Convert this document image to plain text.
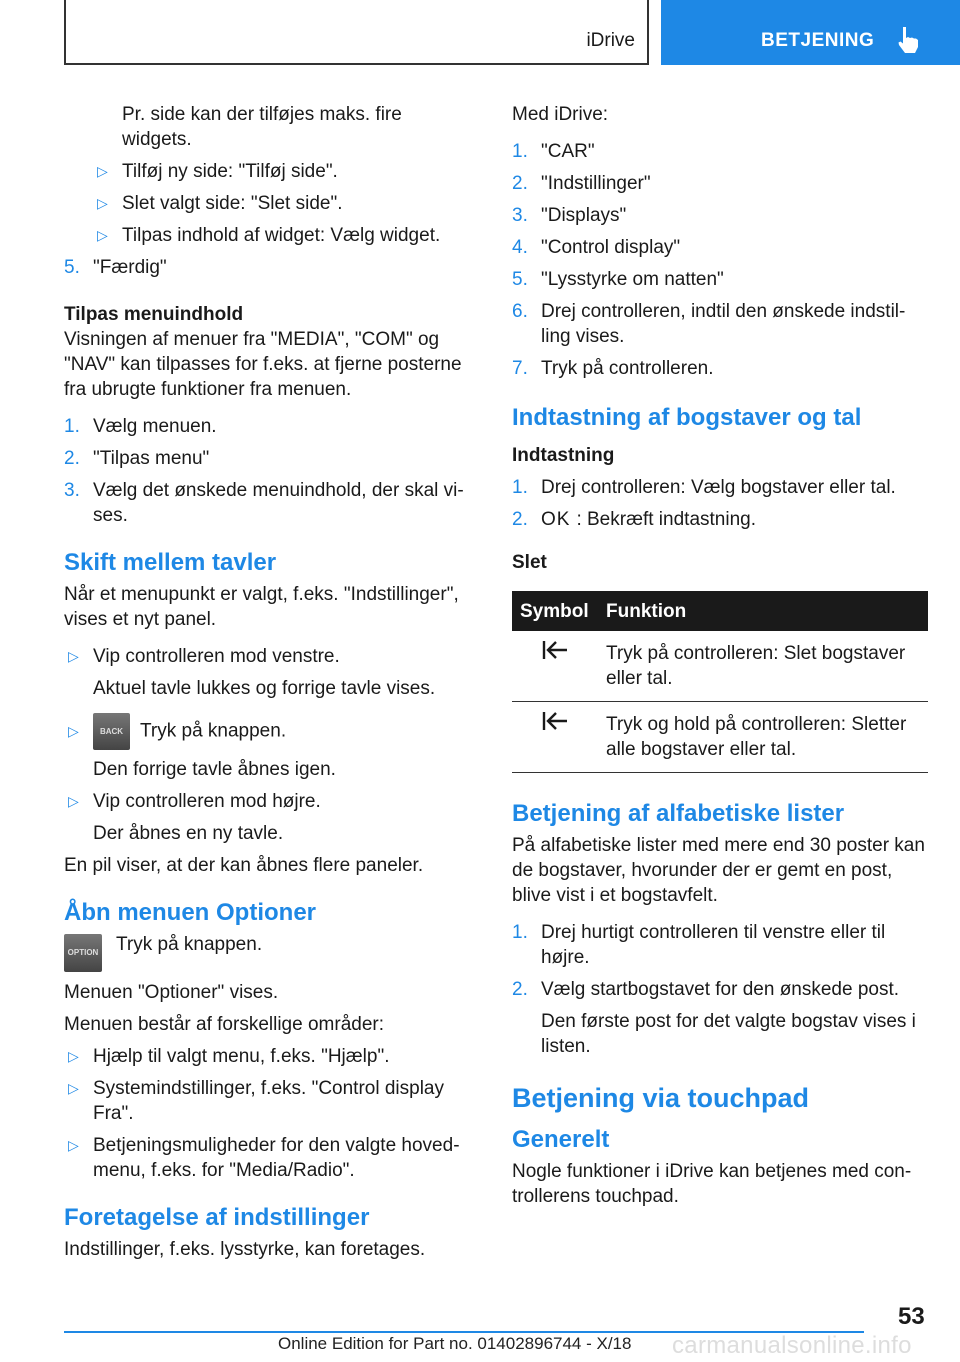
iDrive	BETJENING

Pr. side kan der tilføjes maks. fire widgets.

▷ Tilføj ny side: "Tilføj side".
▷ Slet valgt side: "Slet side".
▷ Tilpas indhold af widget: Vælg widget.
5. "Færdig"

Tilpas menuindhold

Visningen af menuer fra "MEDIA", "COM" og "NAV" kan tilpasses for f.eks. at fjerne posterne fra ubrugte funktioner fra menuen.

1. Vælg menuen.
2. "Tilpas menu"
3. Vælg det ønskede menuindhold, der skal vises.

Skift mellem tavler

Når et menupunkt er valgt, f.eks. "Indstillinger", vises et nyt panel.

▷ Vip controlleren mod venstre.

Aktuel tavle lukkes og forrige tavle vises.

▷	BACK Tryk på knappen.

Den forrige tavle åbnes igen.

▷ Vip controlleren mod højre.

Der åbnes en ny tavle.

En pil viser, at der kan åbnes flere paneler.

Åbn menuen Optioner

OPTION Tryk på knappen.

Menuen "Optioner" vises.

Menuen består af forskellige områder:

▷ Hjælp til valgt menu, f.eks. "Hjælp".
▷ Systemindstillinger, f.eks. "Control display Fra".
▷ Betjeningsmuligheder for den valgte hovedmenu, f.eks. for "Media/Radio".

Foretagelse af indstillinger

Indstillinger, f.eks. lysstyrke, kan foretages.

Med iDrive:

1. "CAR"
2. "Indstillinger"
3. "Displays"
4. "Control display"
5. "Lysstyrke om natten"
6. Drej controlleren, indtil den ønskede indstilling vises.
7. Tryk på controlleren.

Indtastning af bogstaver og tal

Indtastning

1. Drej controlleren: Vælg bogstaver eller tal.
2. OK : Bekræft indtastning.

Slet

Symbol	Funktion
	Tryk på controlleren: Slet bogstaver eller tal.
	Tryk og hold på controlleren: Sletter alle bogstaver eller tal.

Betjening af alfabetiske lister

På alfabetiske lister med mere end 30 poster kan de bogstaver, hvorunder der er gemt en post, blive vist i et bogstavfelt.

1. Drej hurtigt controlleren til venstre eller til højre.
2. Vælg startbogstavet for den ønskede post.

Den første post for det valgte bogstav vises i listen.

Betjening via touchpad

Generelt

Nogle funktioner i iDrive kan betjenes med controllerens touchpad.

53
Online Edition for Part no. 01402896744 - X/18 carmanualsonline.info
